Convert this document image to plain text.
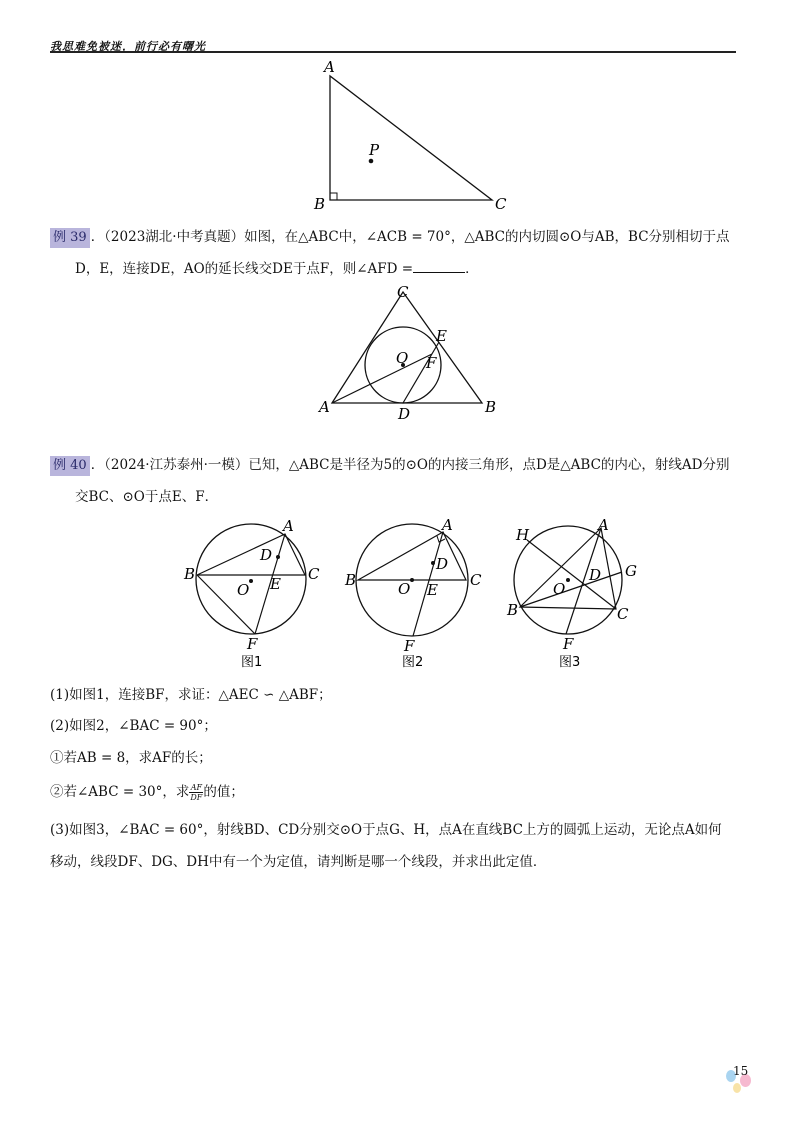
我思难免被迷，前行必有曙光
A
B	C
P
例 39 ．（2023湖北·中考真题）如图，在△ABC中，∠ACB = 70°，△ABC的内切圆⊙O与AB，BC分别相切于点
D，E，连接DE，AO的延长线交DE于点F，则∠AFD =	．
A	B
C
D
E
F
O
例 40 ．（2024·江苏泰州·一模）已知，△ABC是半径为5的⊙O的内接三角形，点D是△ABC的内心，射线AD分别
交BC、⊙O于点E、F．
A
B	C
D
E
F
O
图1
A
B	C
D
E
F
O
图2
A
B	C
D
F
G
H
O
图3
(1)如图1，连接BF，求证：△AEC ∽ △ABF；
(2)如图2，∠BAC = 90°；
①若AB = 8，求AF的长；
②若∠ABC = 30°，求 $\frac{AF}{DF}$ 的值；
(3)如图3，∠BAC = 60°，射线BD、CD分别交⊙O于点G、H，点A在直线BC上方的圆弧上运动，无论点A如何
移动，线段DF、DG、DH中有一个为定值，请判断是哪一个线段，并求出此定值．
15
